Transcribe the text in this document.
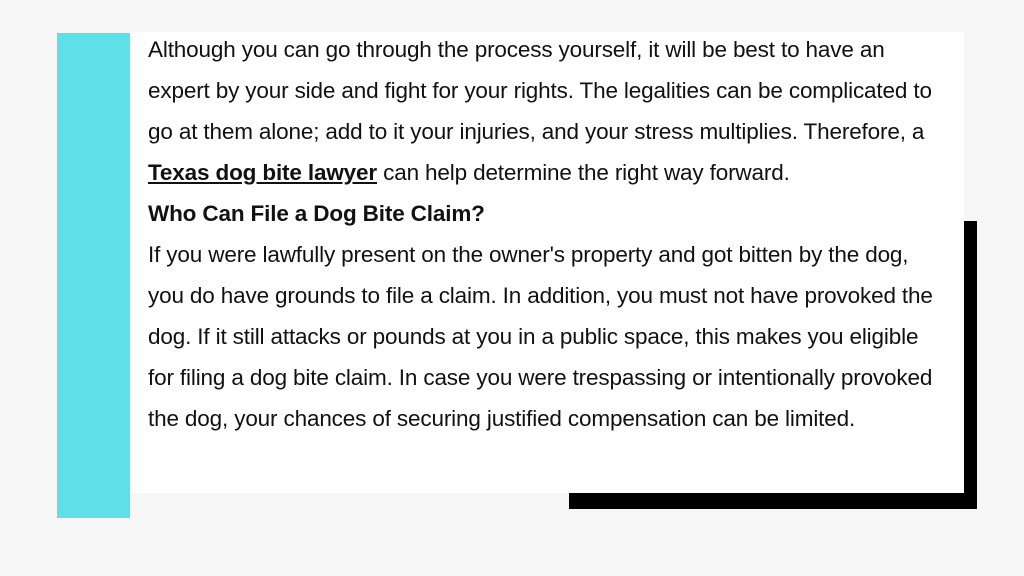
Although you can go through the process yourself, it will be best to have an expert by your side and fight for your rights. The legalities can be complicated to go at them alone; add to it your injuries, and your stress multiplies. Therefore, a Texas dog bite lawyer can help determine the right way forward.

Who Can File a Dog Bite Claim?

If you were lawfully present on the owner's property and got bitten by the dog, you do have grounds to file a claim. In addition, you must not have provoked the dog. If it still attacks or pounds at you in a public space, this makes you eligible for filing a dog bite claim. In case you were trespassing or intentionally provoked the dog, your chances of securing justified compensation can be limited.
